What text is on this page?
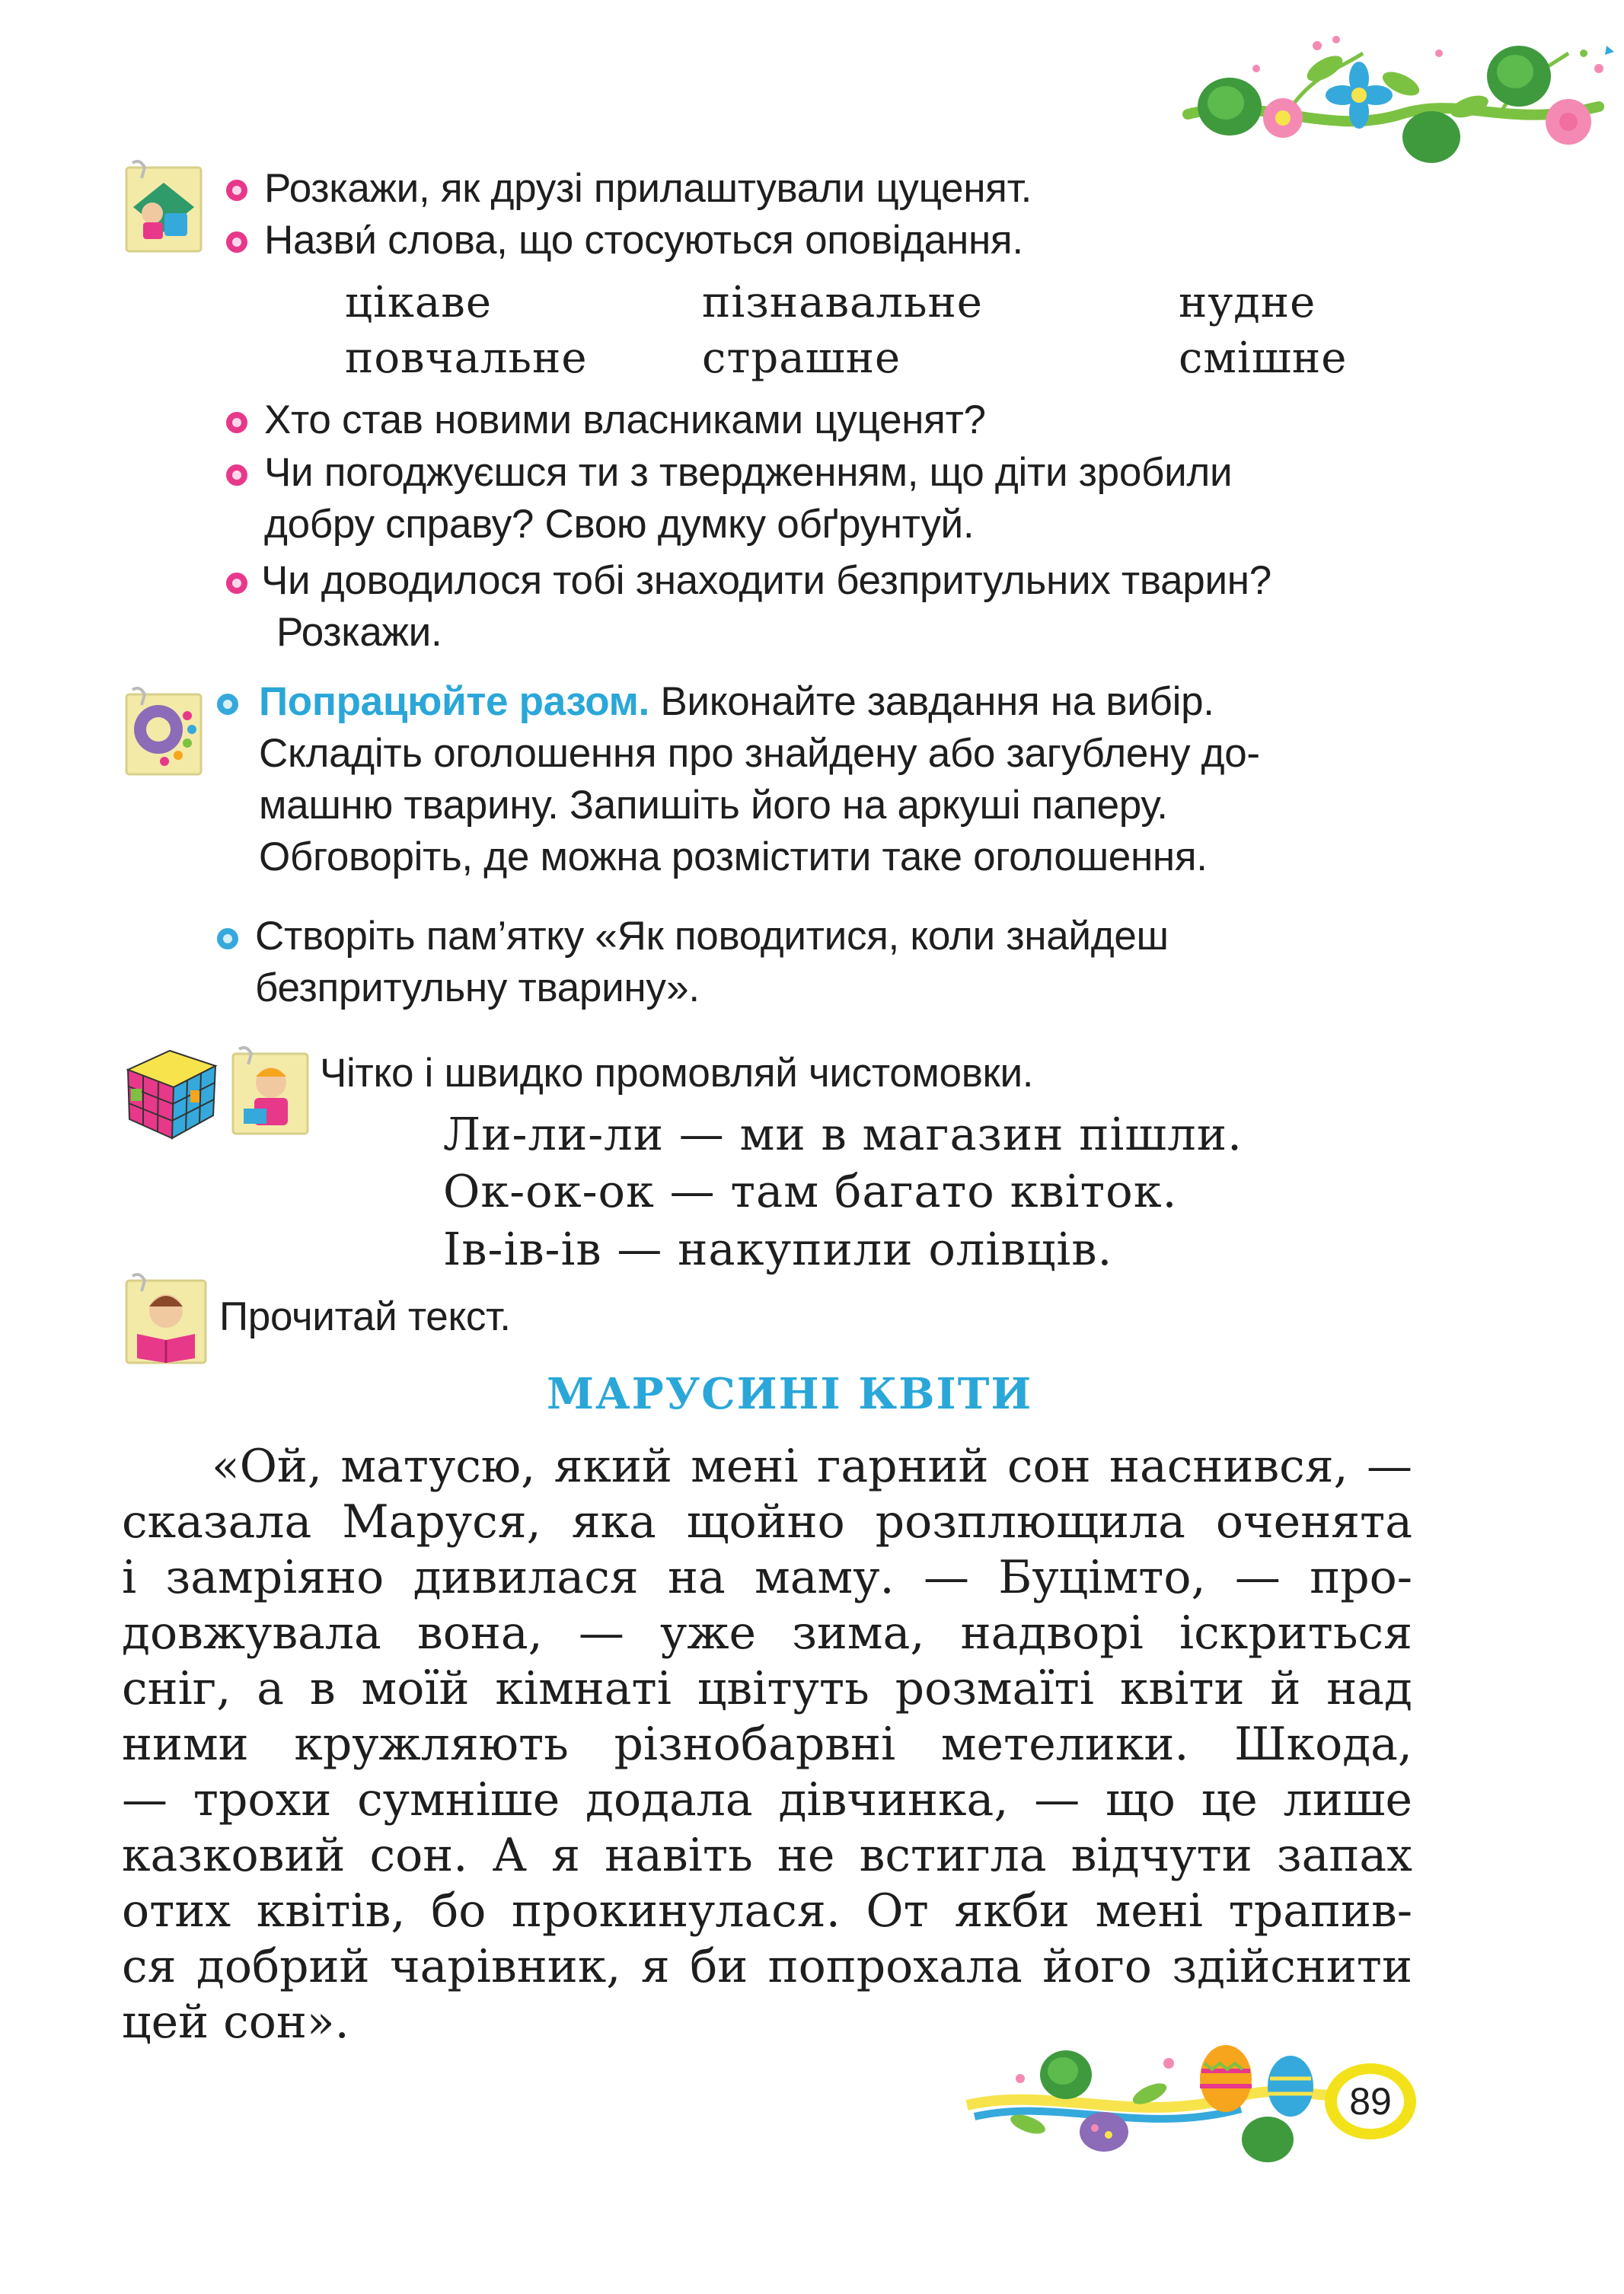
Розкажи, як друзі прилаштували цуценят.
Назви́ слова, що стосуються оповідання.
цікаве	пізнавальне	нудне
повчальне	страшне	смішне
Хто став новими власниками цуценят?
Чи погоджуєшся ти з твердженням, що діти зробили
добру справу? Свою думку обґрунтуй.
Чи доводилося тобі знаходити безпритульних тварин?
Розкажи.
Попрацюйте разом. Виконайте завдання на вибір.
Складіть оголошення про знайдену або загублену до-
машню тварину. Запишіть його на аркуші паперу.
Обговоріть, де можна розмістити таке оголошення.
Створіть пам’ятку «Як поводитися, коли знайдеш
безпритульну тварину».
Чітко і швидко промовляй чистомовки.
Ли-ли-ли — ми в магазин пішли.
Ок-ок-ок — там багато квіток.
Ів-ів-ів — накупили олівців.
Прочитай текст.
МАРУСИНІ КВІТИ
«Ой, матусю, який мені гарний сон наснився, —
сказала Маруся, яка щойно розплющила оченята
і замріяно дивилася на маму. — Буцімто, — про-
довжувала вона, — уже зима, надворі іскриться
сніг, а в моїй кімнаті цвітуть розмаїті квіти й над
ними кружляють різнобарвні метелики. Шкода,
— трохи сумніше додала дівчинка, — що це лише
казковий сон. А я навіть не встигла відчути запах
отих квітів, бо прокинулася. От якби мені трапив-
ся добрий чарівник, я би попрохала його здійснити
цей сон».
89
